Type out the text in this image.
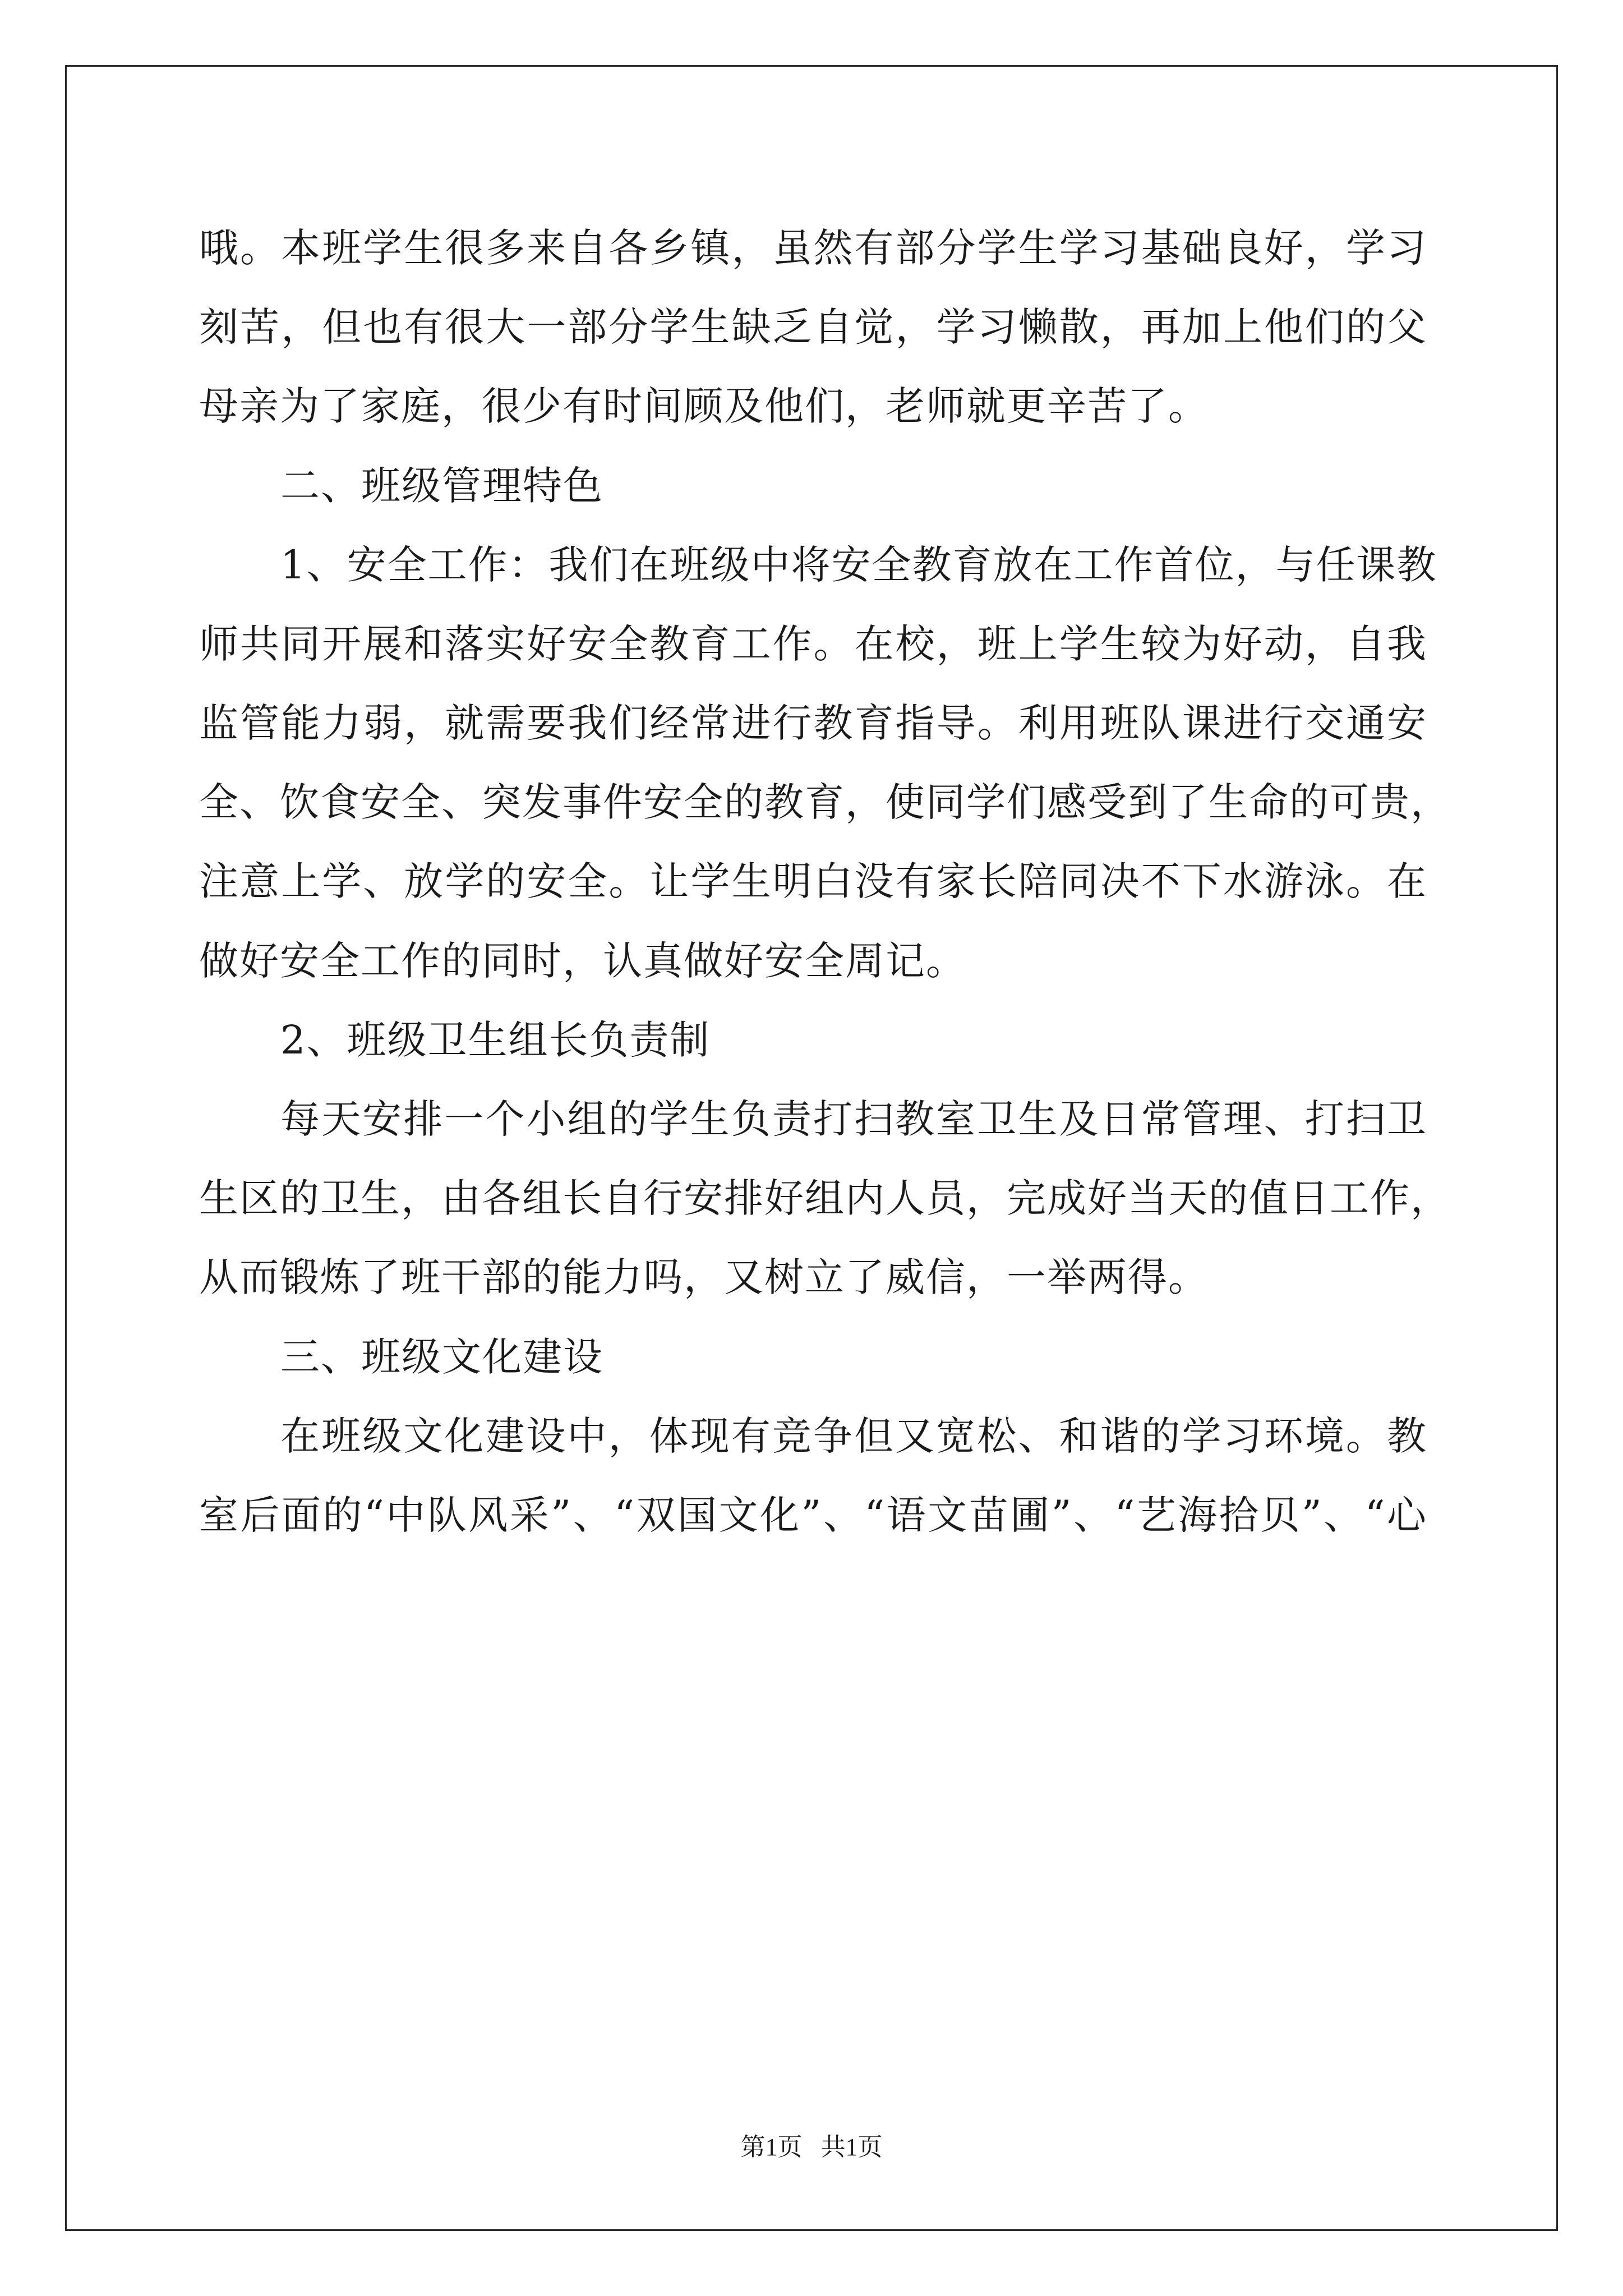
哦。本班学生很多来自各乡镇，虽然有部分学生学习基础良好，学习
刻苦，但也有很大一部分学生缺乏自觉，学习懒散，再加上他们的父
母亲为了家庭，很少有时间顾及他们，老师就更辛苦了。
二、班级管理特色
1、安全工作：我们在班级中将安全教育放在工作首位，与任课教
师共同开展和落实好安全教育工作。在校，班上学生较为好动，自我
监管能力弱，就需要我们经常进行教育指导。利用班队课进行交通安
全、饮食安全、突发事件安全的教育，使同学们感受到了生命的可贵，
注意上学、放学的安全。让学生明白没有家长陪同决不下水游泳。在
做好安全工作的同时，认真做好安全周记。
2、班级卫生组长负责制
每天安排一个小组的学生负责打扫教室卫生及日常管理、打扫卫
生区的卫生，由各组长自行安排好组内人员，完成好当天的值日工作，
从而锻炼了班干部的能力吗，又树立了威信，一举两得。
三、班级文化建设
在班级文化建设中，体现有竞争但又宽松、和谐的学习环境。教
室后面的“中队风采”、“双国文化”、“语文苗圃”、“艺海拾贝”、“心
第1页   共1页
